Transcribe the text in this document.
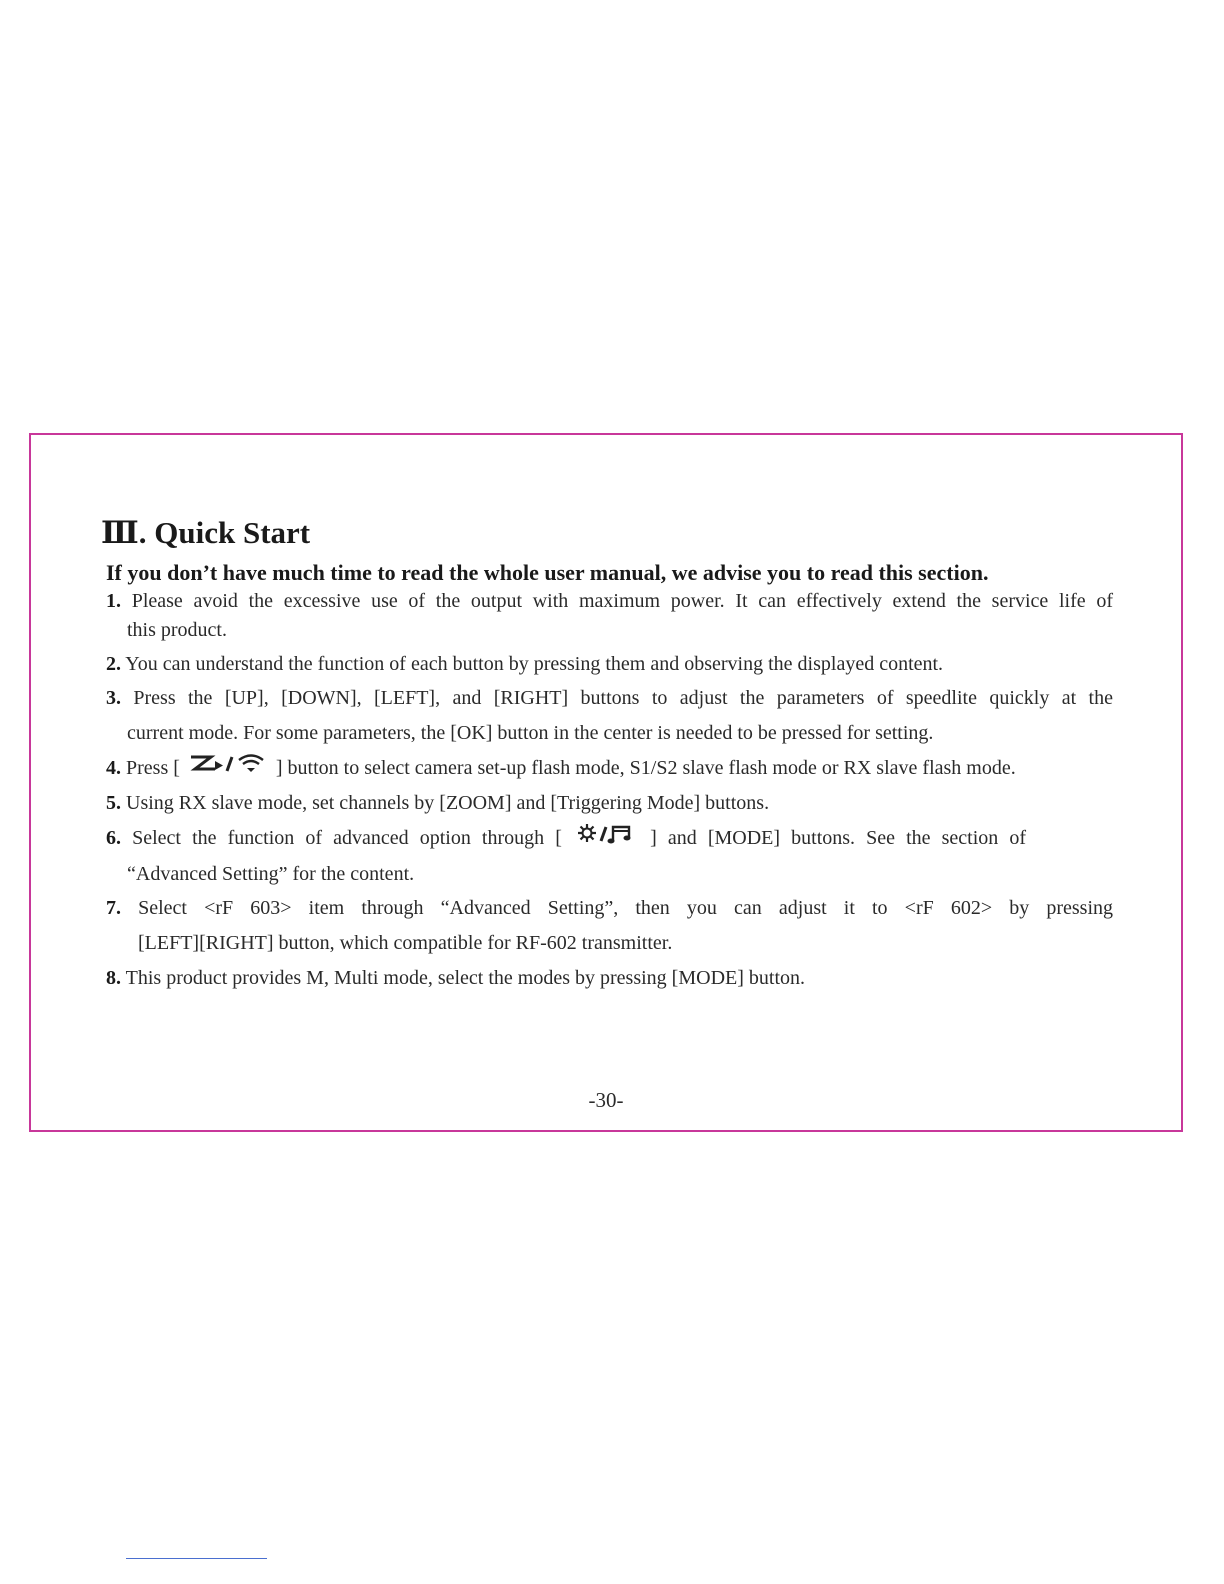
Ⅲ. Quick Start

If you don’t have much time to read the whole user manual, we advise you to read this section.

1. Please avoid the excessive use of the output with maximum power. It can effectively extend the service life of
this product.
2. You can understand the function of each button by pressing them and observing the displayed content.
3. Press the [UP], [DOWN], [LEFT], and [RIGHT] buttons to adjust the parameters of speedlite quickly at the
current mode. For some parameters, the [OK] button in the center is needed to be pressed for setting.
4. Press [	] button to select camera set-up flash mode, S1/S2 slave flash mode or RX slave flash mode.
5. Using RX slave mode, set channels by [ZOOM] and [Triggering Mode] buttons.
6. Select the function of advanced option through [	] and [MODE] buttons. See the section of
“Advanced Setting” for the content.
7. Select <rF 603> item through “Advanced Setting”, then you can adjust it to <rF 602> by pressing
[LEFT][RIGHT] button, which compatible for RF-602 transmitter.
8. This product provides M, Multi mode, select the modes by pressing [MODE] button.
-30-
